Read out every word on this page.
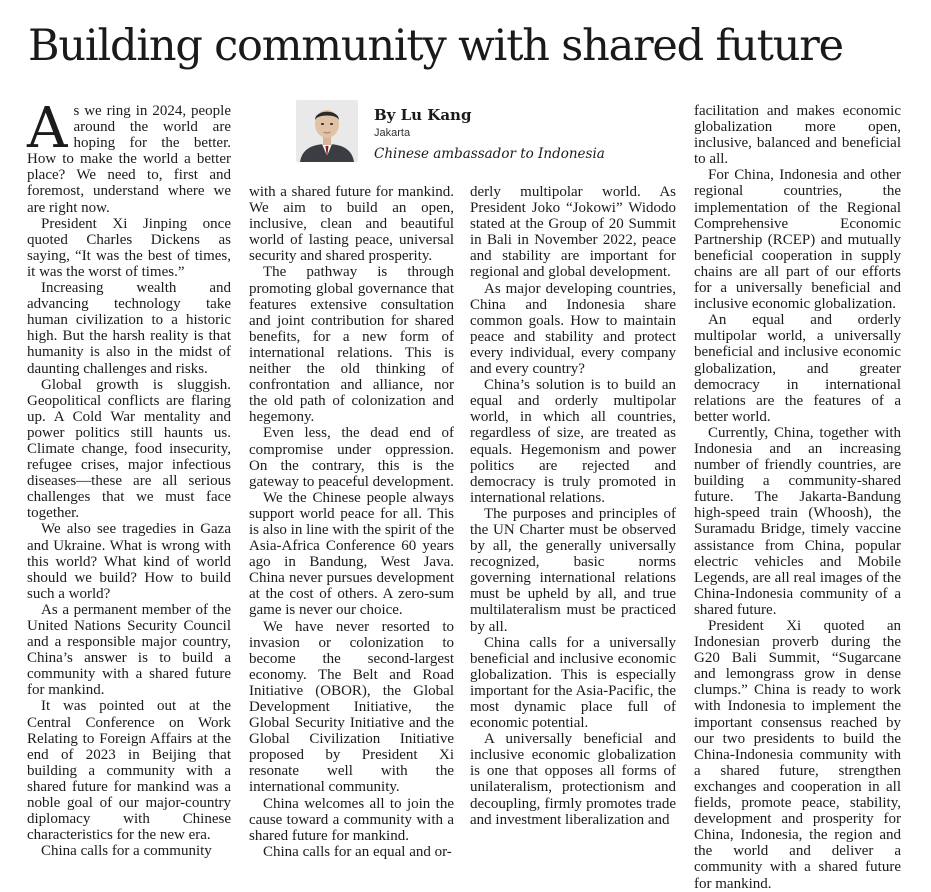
Building community with shared future
By Lu Kang
Jakarta
Chinese ambassador to Indonesia

As we ring in 2024, people around the world are hoping for the better. How to make the world a better place? We need to, first and foremost, understand where we are right now.

President Xi Jinping once quoted Charles Dickens as saying, “It was the best of times, it was the worst of times.”

Increasing wealth and advancing technology take human civilization to a historic high. But the harsh reality is that humanity is also in the midst of daunting challenges and risks.

Global growth is sluggish. Geopolitical conflicts are flaring up. A Cold War mentality and power politics still haunts us. Climate change, food insecurity, refugee crises, major infectious diseases—these are all serious challenges that we must face together.

We also see tragedies in Gaza and Ukraine. What is wrong with this world? What kind of world should we build? How to build such a world?

As a permanent member of the United Nations Security Council and a responsible major country, China’s answer is to build a community with a shared future for mankind.

It was pointed out at the Central Conference on Work Relating to Foreign Affairs at the end of 2023 in Beijing that building a community with a shared future for mankind was a noble goal of our major-country diplomacy with Chinese characteristics for the new era.

China calls for a community

with a shared future for mankind. We aim to build an open, inclusive, clean and beautiful world of lasting peace, universal security and shared prosperity.

The pathway is through promoting global governance that features extensive consultation and joint contribution for shared benefits, for a new form of international relations. This is neither the old thinking of confrontation and alliance, nor the old path of colonization and hegemony.

Even less, the dead end of compromise under oppression. On the contrary, this is the gateway to peaceful development.

We the Chinese people always support world peace for all. This is also in line with the spirit of the Asia-Africa Conference 60 years ago in Bandung, West Java. China never pursues development at the cost of others. A zero-sum game is never our choice.

We have never resorted to invasion or colonization to become the second-largest economy. The Belt and Road Initiative (OBOR), the Global Development Initiative, the Global Security Initiative and the Global Civilization Initiative proposed by President Xi resonate well with the international community.

China welcomes all to join the cause toward a community with a shared future for mankind.

China calls for an equal and or-

derly multipolar world. As President Joko “Jokowi” Widodo stated at the Group of 20 Summit in Bali in November 2022, peace and stability are important for regional and global development.

As major developing countries, China and Indonesia share common goals. How to maintain peace and stability and protect every individual, every company and every country?

China’s solution is to build an equal and orderly multipolar world, in which all countries, regardless of size, are treated as equals. Hegemonism and power politics are rejected and democracy is truly promoted in international relations.

The purposes and principles of the UN Charter must be observed by all, the generally universally recognized, basic norms governing international relations must be upheld by all, and true multilateralism must be practiced by all.

China calls for a universally beneficial and inclusive economic globalization. This is especially important for the Asia-Pacific, the most dynamic place full of economic potential.

A universally beneficial and inclusive economic globalization is one that opposes all forms of unilateralism, protectionism and decoupling, firmly promotes trade and investment liberalization and

facilitation and makes economic globalization more open, inclusive, balanced and beneficial to all.

For China, Indonesia and other regional countries, the implementation of the Regional Comprehensive Economic Partnership (RCEP) and mutually beneficial cooperation in supply chains are all part of our efforts for a universally beneficial and inclusive economic globalization.

An equal and orderly multipolar world, a universally beneficial and inclusive economic globalization, and greater democracy in international relations are the features of a better world.

Currently, China, together with Indonesia and an increasing number of friendly countries, are building a community-shared future. The Jakarta-Bandung high-speed train (Whoosh), the Suramadu Bridge, timely vaccine assistance from China, popular electric vehicles and Mobile Legends, are all real images of the China-Indonesia community of a shared future.

President Xi quoted an Indonesian proverb during the G20 Bali Summit, “Sugarcane and lemongrass grow in dense clumps.” China is ready to work with Indonesia to implement the important consensus reached by our two presidents to build the China-Indonesia community with a shared future, strengthen exchanges and cooperation in all fields, promote peace, stability, development and prosperity for China, Indonesia, the region and the world and deliver a community with a shared future for mankind.
